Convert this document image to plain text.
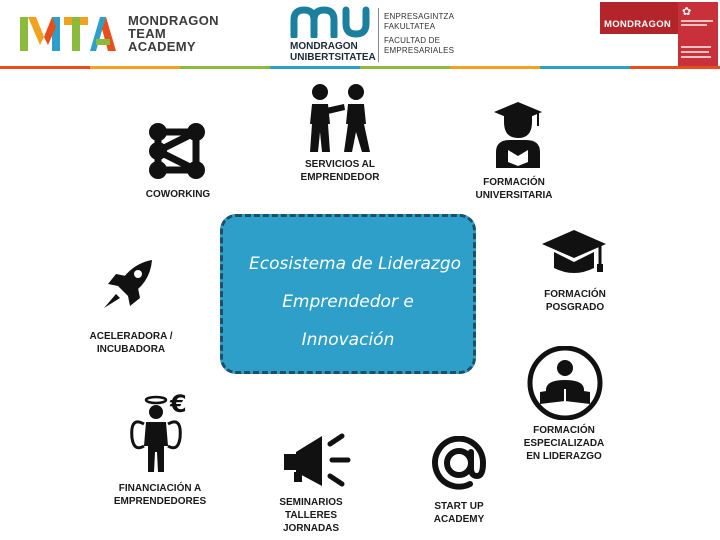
MONDRAGON
TEAM
ACADEMY	MONDRAGON
UNIBERTSITATEA
ENPRESAGINTZA
FAKULTATEA
FACULTAD DE
EMPRESARIALES
MONDRAGON
✿
Ecosistema de Liderazgo
Emprendedor e
Innovación
COWORKING
SERVICIOS AL
EMPRENDEDOR	FORMACIÓN
UNIVERSITARIA
FORMACIÓN
POSGRADO
FORMACIÓN
ESPECIALIZADA
EN LIDERAZGO
START UP
ACADEMY
SEMINARIOS
TALLERES
JORNADAS
€
FINANCIACIÓN A
EMPRENDEDORES
ACELERADORA /
INCUBADORA
